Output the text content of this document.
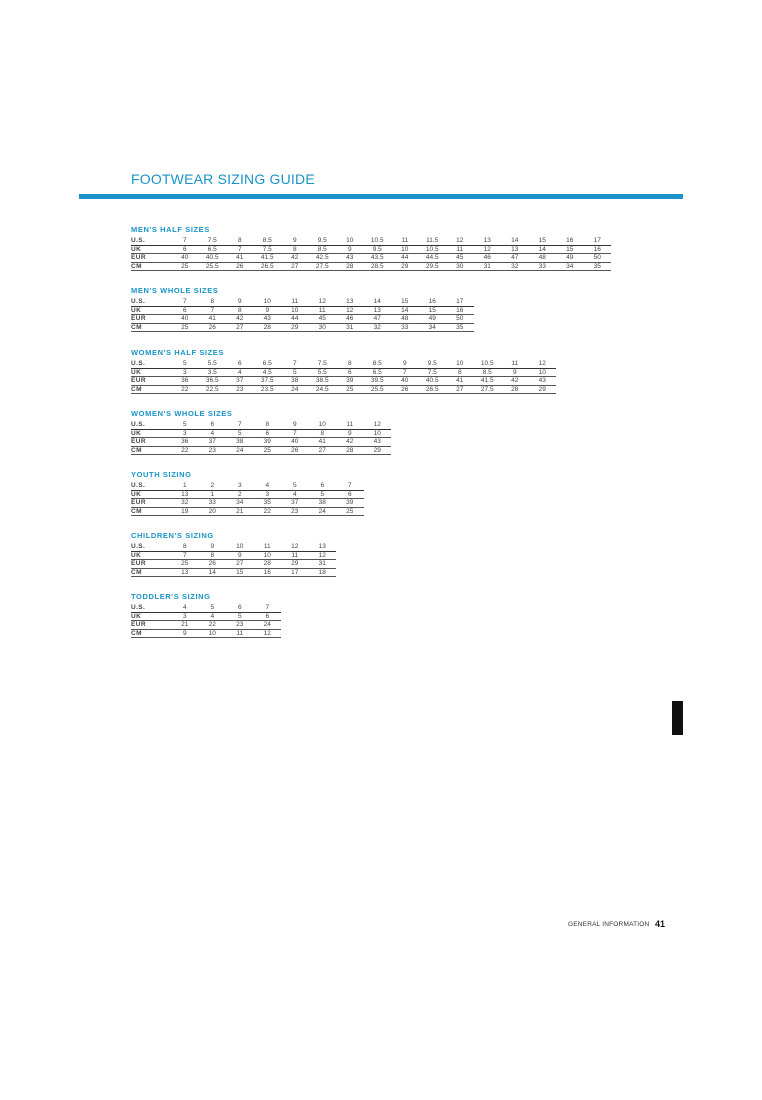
FOOTWEAR SIZING GUIDE
MEN'S HALF SIZES
U.S.	7	7.5	8	8.5	9	9.5	10	10.5	11	11.5	12	13	14	15	16	17
UK	6	6.5	7	7.5	8	8.5	9	9.5	10	10.5	11	12	13	14	15	16
EUR	40	40.5	41	41.5	42	42.5	43	43.5	44	44.5	45	46	47	48	49	50
CM	25	25.5	26	26.5	27	27.5	28	28.5	29	29.5	30	31	32	33	34	35
MEN'S WHOLE SIZES
U.S.	7	8	9	10	11	12	13	14	15	16	17
UK	6	7	8	9	10	11	12	13	14	15	16
EUR	40	41	42	43	44	45	46	47	48	49	50
CM	25	26	27	28	29	30	31	32	33	34	35
WOMEN'S HALF SIZES
U.S.	5	5.5	6	6.5	7	7.5	8	8.5	9	9.5	10	10.5	11	12
UK	3	3.5	4	4.5	5	5.5	6	6.5	7	7.5	8	8.5	9	10
EUR	36	36.5	37	37.5	38	38.5	39	39.5	40	40.5	41	41.5	42	43
CM	22	22.5	23	23.5	24	24.5	25	25.5	26	26.5	27	27.5	28	29
WOMEN'S WHOLE SIZES
U.S.	5	6	7	8	9	10	11	12
UK	3	4	5	6	7	8	9	10
EUR	36	37	38	39	40	41	42	43
CM	22	23	24	25	26	27	28	29
YOUTH SIZING
U.S.	1	2	3	4	5	6	7
UK	13	1	2	3	4	5	6
EUR	32	33	34	35	37	38	39
CM	19	20	21	22	23	24	25
CHILDREN'S SIZING
U.S.	8	9	10	11	12	13
UK	7	8	9	10	11	12
EUR	25	26	27	28	29	31
CM	13	14	15	16	17	18
TODDLER'S SIZING
U.S.	4	5	6	7
UK	3	4	5	6
EUR	21	22	23	24
CM	9	10	11	12
GENERAL INFORMATION 41
